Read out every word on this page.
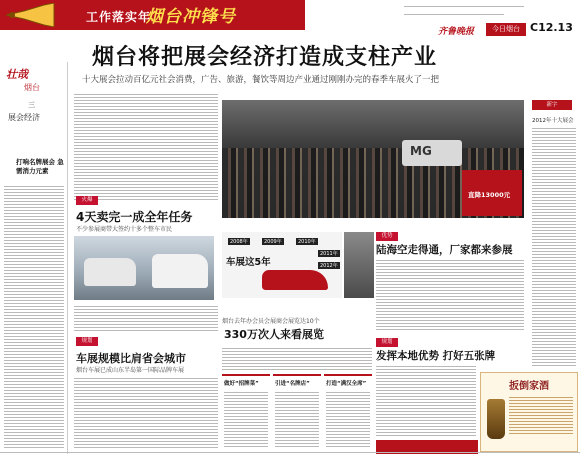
工作落实年
烟台冲锋号
齐鲁晚报	今日烟台 C12.13
烟台将把展会经济打造成支柱产业
十大展会拉动百亿元社会消费，广告、旅游，餐饮等周边产业通过刚刚办完的春季车展火了一把
壮哉
烟台
三
展会经济
打响名牌展会 急需消力元素
MG
直降13000元
新字
2012年十大展会
火爆
4天卖完一成全年任务
不少参展商带大签约十多个整车市民
规划
车展规模比肩省会城市
烟台车展已成山东半岛第一国际品牌车展
2008年	2009年	2010年
2011年
2012年
车展这5年
烟台去年办会员会展商会展览达10个
330万次人来看展览
做好“招牌菜”	引进“名牌店”	打造“满汉全席”
优势
陆海空走得通，厂家都来参展
规划
发挥本地优势 打好五张牌
扳倒家酒
